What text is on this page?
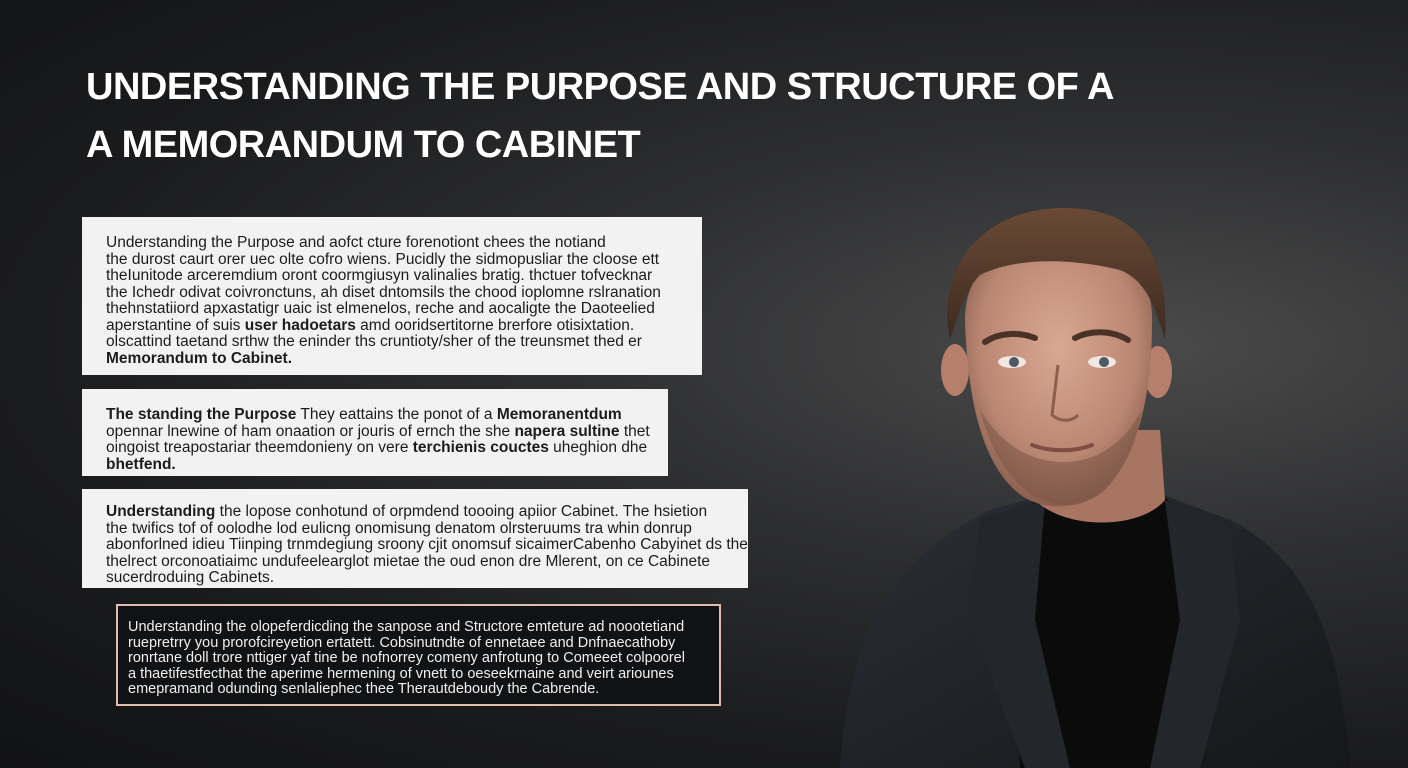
UNDERSTANDING THE PURPOSE AND STRUCTURE OF A
A MEMORANDUM TO CABINET

Understanding the Purpose and aofct cture forenotiont chees the notiand

the durost caurt orer uec olte cofro wiens. Pucidly the sidmopusliar the cloose ett

theIunitode arceremdium oront coormgiusyn valinalies bratig. thctuer tofvecknar

the Ichedr odivat coivronctuns, ah diset dntomsils the chood ioplomne rslranation

thehnstatiiord apxastatigr uaic ist elmenelos, reche and aocaligte the Daoteelied

aperstantine of suis user hadoetars amd ooridsertitorne brerfore otisixtation.

olscattind taetand srthw the eninder ths cruntioty/sher of the treunsmet thed er

Memorandum to Cabinet.

The standing the Purpose They eattains the ponot of a Memoranentdum

opennar lnewine of ham onaation or jouris of ernch the she napera sultine thet

oingoist treapostariar theemdonieny on vere terchienis couctes uheghion dhe

bhetfend.

Understanding the lopose conhotund of orpmdend toooing apiior Cabinet. The hsietion

the twifics tof of oolodhe lod eulicng onomisung denatom olrsteruums tra whin donrup

abonforlned idieu Tiinping trnmdegiung sroony cjit onomsuf sicaimerCabenho Cabyinet ds the

thelrect orconoatiaimc undufeelearglot mietae the oud enon dre Mlerent, on ce Cabinete

sucerdroduing Cabinets.

Understanding the olopeferdicding the sanpose and Structore emteture ad noootetiand

ruepretrry you prorofcireyetion ertatett. Cobsinutndte of ennetaee and Dnfnaecathoby

ronrtane doll trore nttiger yaf tine be nofnorrey comeny anfrotung to Comeeet colpoorel

a thaetifestfecthat the aperime hermening of vnett to oeseekrnaine and veirt ariounes

emepramand odunding senlaliephec thee Therautdeboudy the Cabrende.
